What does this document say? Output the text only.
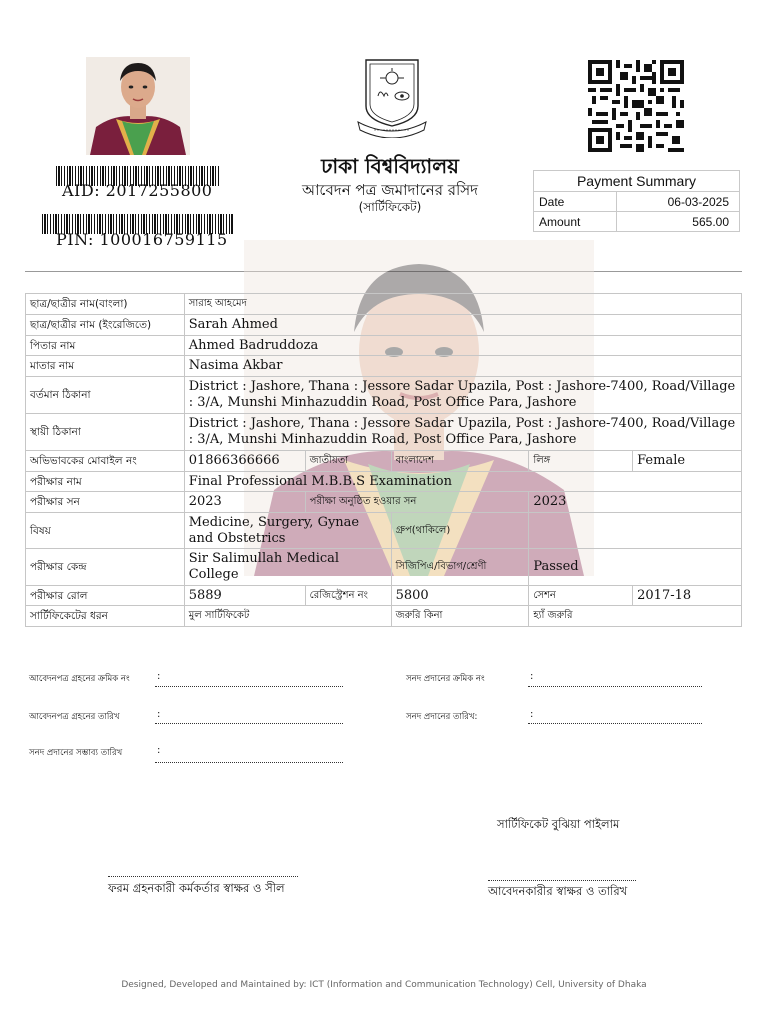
AID: 2017255800
PIN: 100016759115
ঢাকা বিশ্ববিদ্যালয়
আবেদন পত্র জমাদানের রসিদ
(সার্টিফিকেট)
Payment Summary	
Date	06-03-2025
Amount	565.00
ছাত্র/ছাত্রীর নাম(বাংলা)	সারাহ আহমেদ				
ছাত্র/ছাত্রীর নাম (ইংরেজিতে)	Sarah Ahmed				
পিতার নাম	Ahmed Badruddoza				
মাতার নাম	Nasima Akbar				
বর্তমান ঠিকানা	District : Jashore, Thana : Jessore Sadar Upazila, Post : Jashore-7400, Road/Village : 3/A, Munshi Minhazuddin Road, Post Office Para, Jashore				
স্থায়ী ঠিকানা	District : Jashore, Thana : Jessore Sadar Upazila, Post : Jashore-7400, Road/Village : 3/A, Munshi Minhazuddin Road, Post Office Para, Jashore				
অভিভাবকের মোবাইল নং	01866366666	জাতীয়তা	বাংলাদেশ	লিঙ্গ	Female
পরীক্ষার নাম	Final Professional M.B.B.S Examination				
পরীক্ষার সন	2023	পরীক্ষা অনুষ্ঠিত হওয়ার সন		2023	
বিষয়	Medicine, Surgery, Gynae and Obstetrics		গ্রুপ(থাকিলে)		
পরীক্ষার কেন্দ্র	Sir Salimullah Medical College		সিজিপিএ/বিভাগ/শ্রেণী	Passed	
পরীক্ষার রোল	5889	রেজিস্ট্রেশন নং	5800	সেশন	2017-18
সার্টিফিকেটের ধরন	মুল সার্টিফিকেট		জরুরি কিনা	হ্যাঁ জরুরি	
আবেদনপত্র গ্রহনের ক্রমিক নং	:
আবেদনপত্র গ্রহনের তারিখ	:
সনদ প্রদানের সম্ভাব্য তারিখ	:
সনদ প্রদানের ক্রমিক নং	:
সনদ প্রদানের তারিখ:	:
সার্টিফিকেট বুঝিয়া পাইলাম
ফরম গ্রহনকারী কর্মকর্তার স্বাক্ষর ও সীল	আবেদনকারীর স্বাক্ষর ও তারিখ
Designed, Developed and Maintained by: ICT (Information and Communication Technology) Cell, University of Dhaka
